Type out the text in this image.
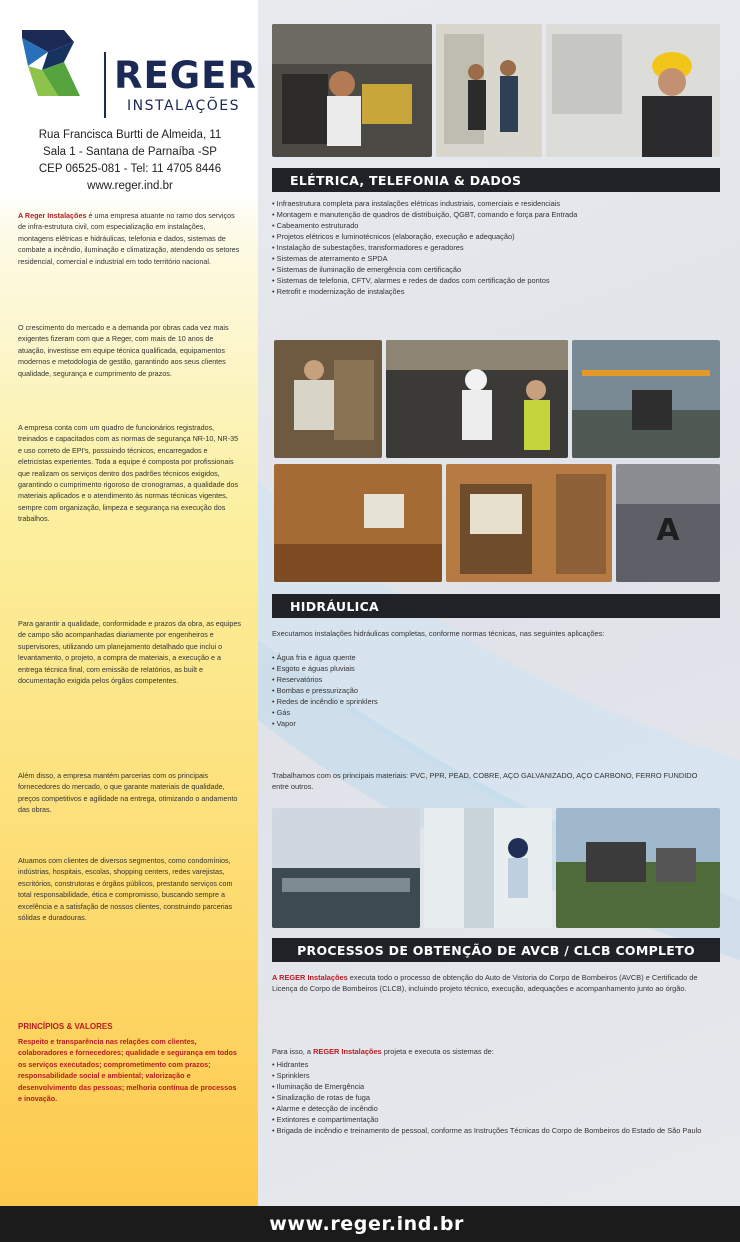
REGER
INSTALAÇÕES
Rua Francisca Burtti de Almeida, 11
Sala 1 - Santana de Parnaíba -SP
CEP 06525-081 - Tel: 11 4705 8446
www.reger.ind.br
A Reger Instalações é uma empresa atuante no ramo dos serviços de infra-estrutura civil, com especialização em instalações, montagens elétricas e hidráulicas, telefonia e dados, sistemas de combate a incêndio, iluminação e climatização, atendendo os setores residencial, comercial e industrial em todo território nacional.
O crescimento do mercado e a demanda por obras cada vez mais exigentes fizeram com que a Reger, com mais de 10 anos de atuação, investisse em equipe técnica qualificada, equipamentos modernos e metodologia de gestão, garantindo aos seus clientes qualidade, segurança e cumprimento de prazos.
A empresa conta com um quadro de funcionários registrados, treinados e capacitados com as normas de segurança NR-10, NR-35 e uso correto de EPI's, possuindo técnicos, encarregados e eletricistas experientes. Toda a equipe é composta por profissionais que realizam os serviços dentro dos padrões técnicos exigidos, garantindo o cumprimento rigoroso de cronogramas, a qualidade dos materiais aplicados e o atendimento às normas técnicas vigentes, sempre com organização, limpeza e segurança na execução dos trabalhos.
Para garantir a qualidade, conformidade e prazos da obra, as equipes de campo são acompanhadas diariamente por engenheiros e supervisores, utilizando um planejamento detalhado que inclui o levantamento, o projeto, a compra de materiais, a execução e a entrega técnica final, com emissão de relatórios, as built e documentação exigida pelos órgãos competentes.
Além disso, a empresa mantém parcerias com os principais fornecedores do mercado, o que garante materiais de qualidade, preços competitivos e agilidade na entrega, otimizando o andamento das obras.
Atuamos com clientes de diversos segmentos, como condomínios, indústrias, hospitais, escolas, shopping centers, redes varejistas, escritórios, construtoras e órgãos públicos, prestando serviços com total responsabilidade, ética e compromisso, buscando sempre a excelência e a satisfação de nossos clientes, construindo parcerias sólidas e duradouras.
PRINCÍPIOS & VALORES
Respeito e transparência nas relações com clientes, colaboradores e fornecedores; qualidade e segurança em todos os serviços executados; comprometimento com prazos; responsabilidade social e ambiental; valorização e desenvolvimento das pessoas; melhoria contínua de processos e inovação.
ELÉTRICA, TELEFONIA & DADOS
• Infraestrutura completa para instalações elétricas industriais, comerciais e residenciais
• Montagem e manutenção de quadros de distribuição, QGBT, comando e força para Entrada
• Cabeamento estruturado
• Projetos elétricos e luminotécnicos (elaboração, execução e adequação)
• Instalação de subestações, transformadores e geradores
• Sistemas de aterramento e SPDA
• Sistemas de iluminação de emergência com certificação
• Sistemas de telefonia, CFTV, alarmes e redes de dados com certificação de pontos
• Retrofit e modernização de instalações
A
HIDRÁULICA
Executamos instalações hidráulicas completas, conforme normas técnicas, nas seguintes aplicações:
• Água fria e água quente
• Esgoto e águas pluviais
• Reservatórios
• Bombas e pressurização
• Redes de incêndio e sprinklers
• Gás
• Vapor
Trabalhamos com os principais materiais: PVC, PPR, PEAD, COBRE, AÇO GALVANIZADO, AÇO CARBONO, FERRO FUNDIDO entre outros.
PROCESSOS DE OBTENÇÃO DE AVCB / CLCB COMPLETO
A REGER Instalações executa todo o processo de obtenção do Auto de Vistoria do Corpo de Bombeiros (AVCB) e Certificado de Licença do Corpo de Bombeiros (CLCB), incluindo projeto técnico, execução, adequações e acompanhamento junto ao órgão.
Para isso, a REGER Instalações projeta e executa os sistemas de:
• Hidrantes
• Sprinklers
• Iluminação de Emergência
• Sinalização de rotas de fuga
• Alarme e detecção de incêndio
• Extintores e compartimentação
• Brigada de incêndio e treinamento de pessoal, conforme as Instruções Técnicas do Corpo de Bombeiros do Estado de São Paulo
www.reger.ind.br
